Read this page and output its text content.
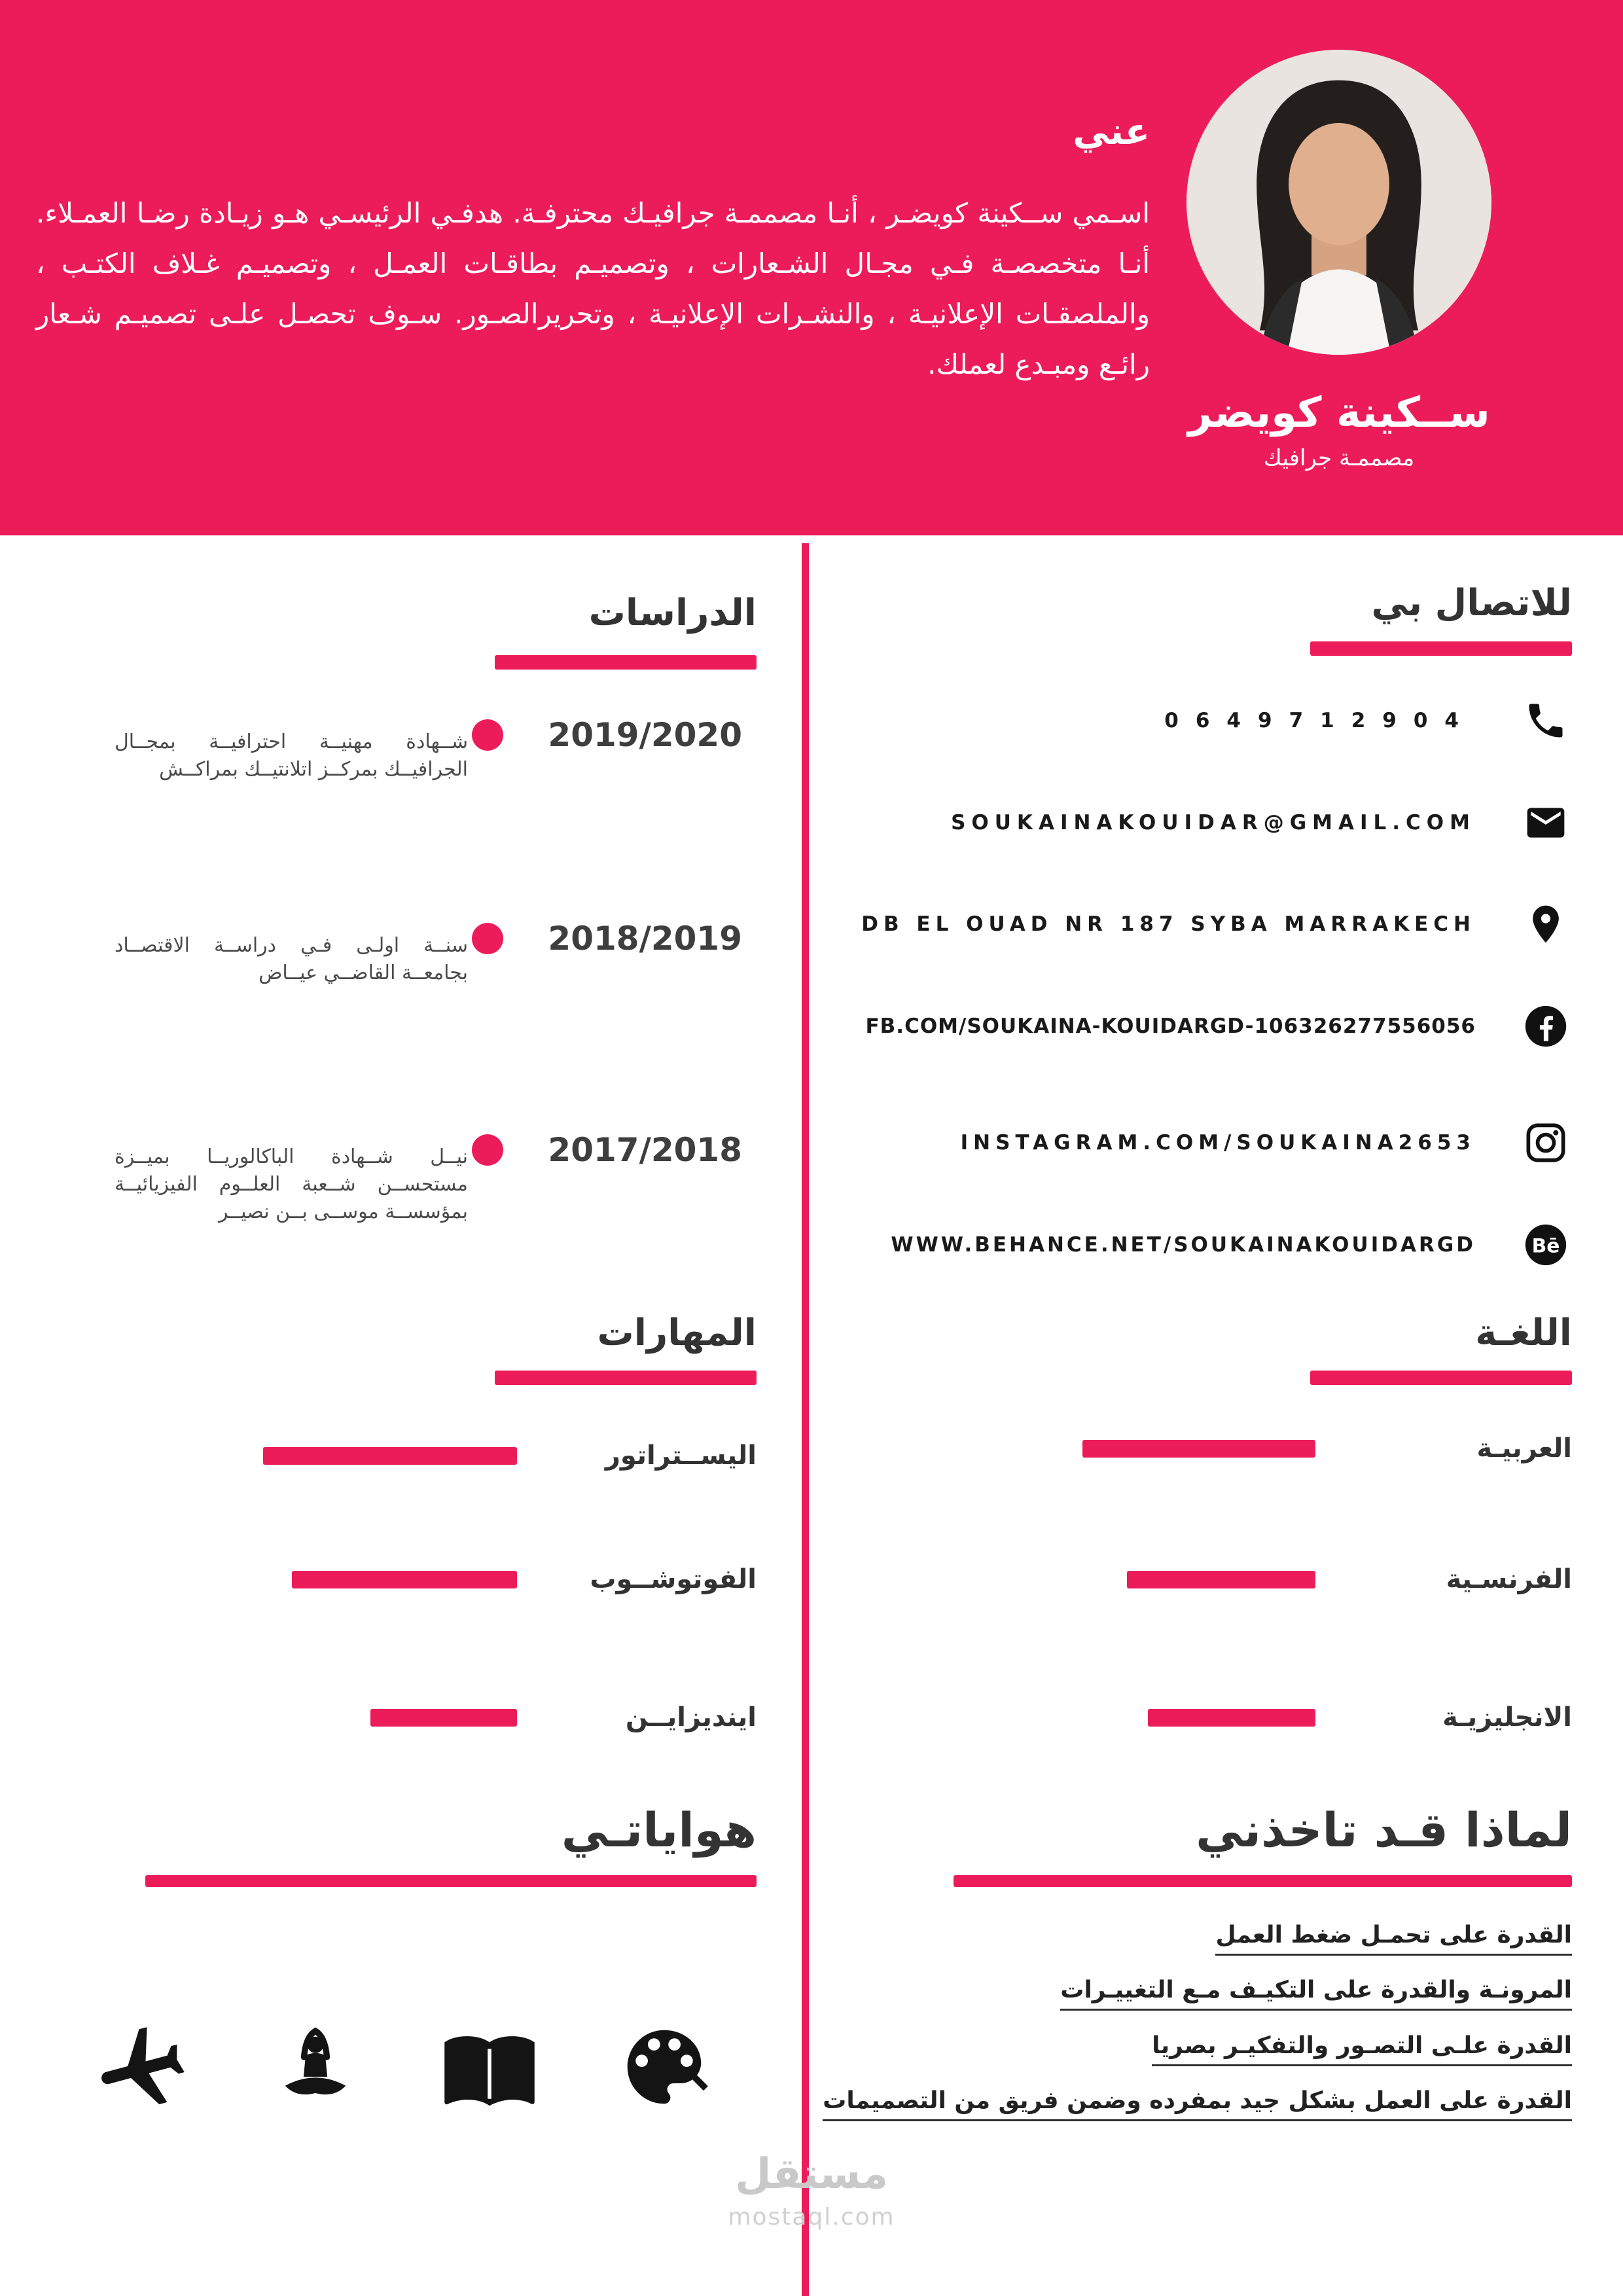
عني

اسـمي ســكينة كويضـر ، أنـا مصممـة جرافيـك محترفـة. هدفـي الرئيسـي هـو زيـادة رضـا العمـلاء. أنـا متخصصـة فـي مجـال الشـعارات ، وتصميـم بطاقـات العمـل ، وتصميـم غـلاف الكتـب ، والملصقـات الإعلانيـة ، والنشـرات الإعلانيـة ، وتحريرالصـور. سـوف تحصـل علـى تصميـم شـعار رائـع ومبـدع لعملك.

ســكينة كويضر
مصممـة جرافيك
للاتصال بي
0649712904
SOUKAINAKOUIDAR@GMAIL.COM
DB EL OUAD NR 187 SYBA MARRAKECH
FB.COM/SOUKAINA-KOUIDARGD-106326277556056
INSTAGRAM.COM/SOUKAINA2653
Bē
WWW.BEHANCE.NET/SOUKAINAKOUIDARGD
اللغـة
العربيـة
الفرنسـية
الانجليزيـة
لماذا قـد تاخذني
القدرة على تحمـل ضغط العمل
المرونـة والقدرة على التكيـف مـع التغييـرات
القدرة علـى التصـور والتفكيـر بصريا
القدرة على العمل بشكل جيد بمفرده وضمن فريق من التصميمات
الدراسات
2019/2020
شــهادة مهنيــة احترافيــة بمجــال الجرافيــك بمركــز اتلانتيــك بمراكــش
2018/2019
سنــة اولـى فـي دراســة الاقتصــاد بجامعــة القاضــي عيــاض
2017/2018
نيــل شــهادة الباكالوريــا بميــزة مستحســن شــعبة العلــوم الفيزيائيــة بمؤسســة موســى بــن نصيــر
المهارات
اليســتراتور
الفوتوشــوب
اينديزايــن
هواياتـي
مستقل
mostaql.com
